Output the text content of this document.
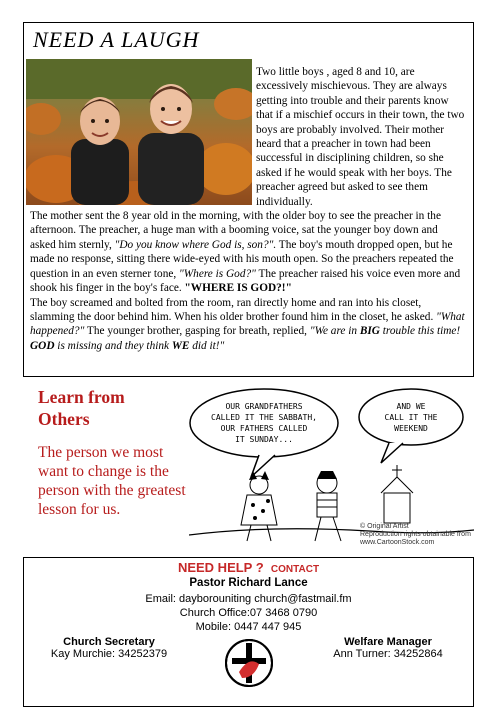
NEED A LAUGH

Two little boys , aged 8 and 10, are excessively mischievous. They are always getting into trouble and their parents know that if a mischief occurs in their town, the two boys are probably involved. Their mother heard that a preacher in town had been successful in disciplining children, so she asked if he would speak with her boys. The preacher agreed but asked to see them individually.

The mother sent the 8 year old in the morning, with the older boy to see the preacher in the afternoon. The preacher, a huge man with a booming voice, sat the younger boy down and asked him sternly, "Do you know where God is, son?". The boy's mouth dropped open, but he made no response, sitting there wide-eyed with his mouth open. So the preachers repeated the question in an even sterner tone, "Where is God?" The preacher raised his voice even more and shook his finger in the boy's face. "WHERE IS GOD?!"

The boy screamed and bolted from the room, ran directly home and ran into his closet, slamming the door behind him. When his older brother found him in the closet, he asked. "What happened?" The younger brother, gasping for breath, replied, "We are in BIG trouble this time! GOD is missing and they think WE did it!"

Learn from
Others
The person we most want to change is the person with the greatest lesson for us.
OUR GRANDFATHERS
CALLED IT THE SABBATH,
OUR FATHERS CALLED
IT SUNDAY...
AND WE
CALL IT THE
WEEKEND
© Original Artist
Reproduction rights obtainable from
www.CartoonStock.com
NEED HELP ? CONTACT
Pastor Richard Lance
Email: dayborouniting church@fastmail.fm
Church Office:07 3468 0790
Mobile: 0447 447 945
Church Secretary
Kay Murchie: 34252379
Welfare Manager
Ann Turner: 34252864
